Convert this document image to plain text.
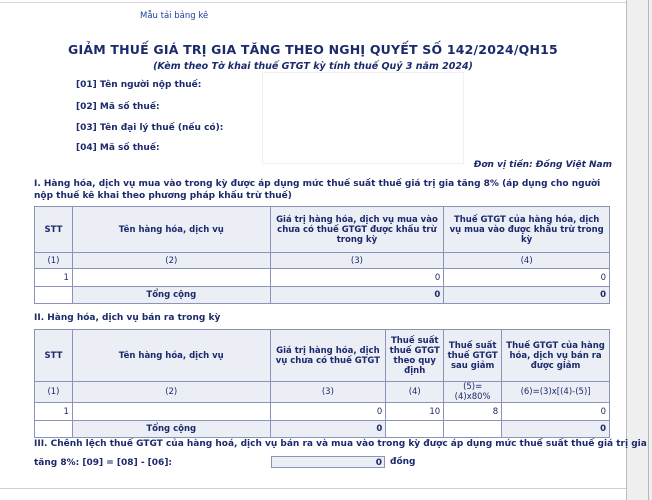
Mẫu tải bảng kê
GIẢM THUẾ GIÁ TRỊ GIA TĂNG THEO NGHỊ QUYẾT SỐ 142/2024/QH15
(Kèm theo Tờ khai thuế GTGT kỳ tính thuế Quý 3 năm 2024)
[01] Tên người nộp thuế:
[02] Mã số thuế:
[03] Tên đại lý thuế (nếu có):
[04] Mã số thuế:
Đơn vị tiền: Đồng Việt Nam
I. Hàng hóa, dịch vụ mua vào trong kỳ được áp dụng mức thuế suất thuế giá trị gia tăng 8% (áp dụng cho người nộp thuế kê khai theo phương pháp khấu trừ thuế)
STT	Tên hàng hóa, dịch vụ	Giá trị hàng hóa, dịch vụ mua vào chưa có thuế GTGT được khấu trừ trong kỳ	Thuế GTGT của hàng hóa, dịch vụ mua vào được khấu trừ trong kỳ
(1)	(2)	(3)	(4)
1		0	0
	Tổng cộng	0	0
II. Hàng hóa, dịch vụ bán ra trong kỳ
STT	Tên hàng hóa, dịch vụ	Giá trị hàng hóa, dịch vụ chưa có thuế GTGT	Thuế suất thuế GTGT theo quy định	Thuế suất thuế GTGT sau giảm	Thuế GTGT của hàng hóa, dịch vụ bán ra được giảm
(1)	(2)	(3)	(4)	(5)=(4)x80%	(6)=(3)x[(4)-(5)]
1		0	10	8	0
	Tổng cộng	0			0
III. Chênh lệch thuế GTGT của hàng hoá, dịch vụ bán ra và mua vào trong kỳ được áp dụng mức thuế suất thuế giá trị gia
tăng 8%: [09] = [08] - [06]:	0 đồng
